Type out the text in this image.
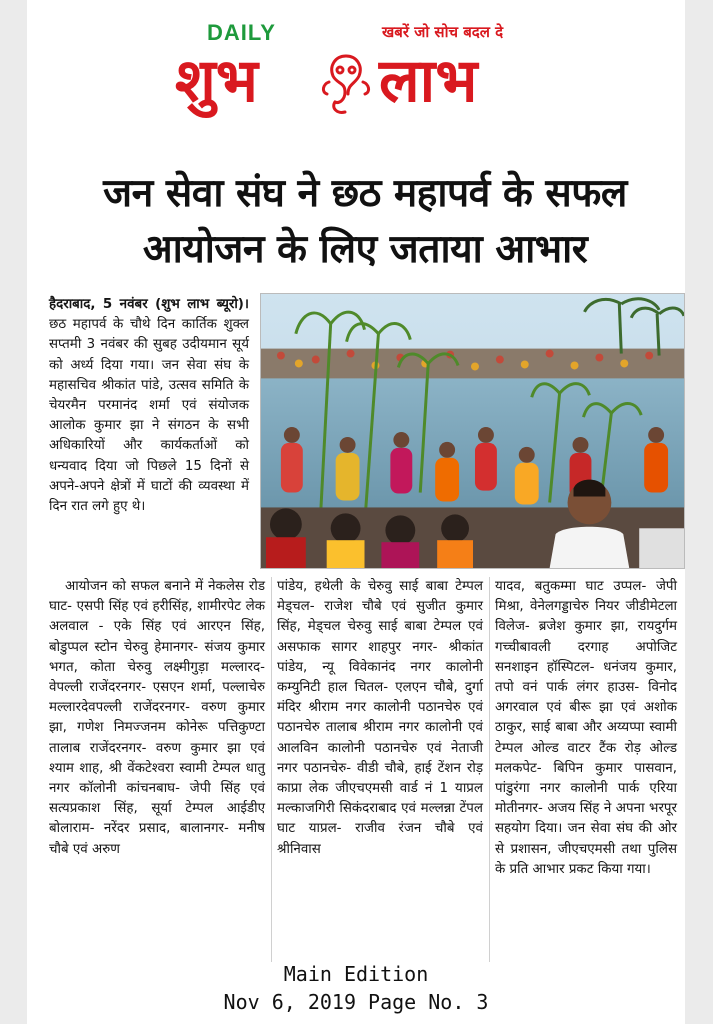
DAILY	खबरें जो सोच बदल दे
शुभ लाभ
जन सेवा संघ ने छठ महापर्व के सफल
आयोजन के लिए जताया आभार

हैदराबाद, 5 नवंबर (शुभ लाभ ब्यूरो)। छठ महापर्व के चौथे दिन कार्तिक शुक्ल सप्तमी 3 नवंबर की सुबह उदीयमान सूर्य को अर्ध्य दिया गया। जन सेवा संघ के महासचिव श्रीकांत पांडे, उत्सव समिति के चेयरमैन परमानंद शर्मा एवं संयोजक आलोक कुमार झा ने संगठन के सभी अधिकारियों और कार्यकर्ताओं को धन्यवाद दिया जो पिछले 15 दिनों से अपने-अपने क्षेत्रों में घाटों की व्यवस्था में दिन रात लगे हुए थे।

आयोजन को सफल बनाने में नेकलेस रोड घाट- एसपी सिंह एवं हरीसिंह, शामीरपेट लेक अलवाल - एके सिंह एवं आरएन सिंह, बोडुप्पल स्टोन चेरुवु हेमानगर- संजय कुमार भगत, कोता चेरुवु लक्ष्मीगुड़ा मल्लारद-वेपल्ली राजेंदरनगर- एसएन शर्मा, पल्लाचेरु मल्लारदेवपल्ली राजेंदरनगर- वरुण कुमार झा, गणेश निमज्जनम कोनेरू पत्तिकुण्टा तालाब राजेंदरनगर- वरुण कुमार झा एवं श्याम शाह, श्री वेंकटेश्वरा स्वामी टेम्पल धातु नगर कॉलोनी कांचनबाघ- जेपी सिंह एवं सत्यप्रकाश सिंह, सूर्या टेम्पल आईडीए बोलाराम- नरेंदर प्रसाद, बालानगर- मनीष चौबे एवं अरुण

पांडेय, हथेली के चेरुवु साई बाबा टेम्पल मेड्चल- राजेश चौबे एवं सुजीत कुमार सिंह, मेड्चल चेरुवु साई बाबा टेम्पल एवं असफाक सागर शाहपुर नगर- श्रीकांत पांडेय, न्यू विवेकानंद नगर कालोनी कम्युनिटी हाल चितल- एलएन चौबे, दुर्गा मंदिर श्रीराम नगर कालोनी पठानचेरु एवं पठानचेरु तालाब श्रीराम नगर कालोनी एवं आलविन कालोनी पठानचेरु एवं नेताजी नगर पठानचेरु- वीडी चौबे, हाई टेंशन रोड़ काप्रा लेक जीएचएमसी वार्ड नं 1 याप्रल मल्काजगिरी सिकंदराबाद एवं मल्लन्ना टेंपल घाट याप्रल- राजीव रंजन चौबे एवं श्रीनिवास

यादव, बतुकम्मा घाट उप्पल- जेपी मिश्रा, वेनेलगड्डाचेरु नियर जीडीमेटला विलेज- ब्रजेश कुमार झा, रायदुर्गम गच्चीबावली दरगाह अपोजिट सनशाइन हॉस्पिटल- धनंजय कुमार, तपो वनं पार्क लंगर हाउस- विनोद अगरवाल एवं बीरू झा एवं अशोक ठाकुर, साई बाबा और अय्यप्पा स्वामी टेम्पल ओल्ड वाटर टैंक रोड़ ओल्ड मलकपेट- बिपिन कुमार पासवान, पांडुरंगा नगर कालोनी पार्क एरिया मोतीनगर- अजय सिंह ने अपना भरपूर सहयोग दिया। जन सेवा संघ की ओर से प्रशासन, जीएचएमसी तथा पुलिस के प्रति आभार प्रकट किया गया।

Main Edition
Nov 6, 2019 Page No. 3
